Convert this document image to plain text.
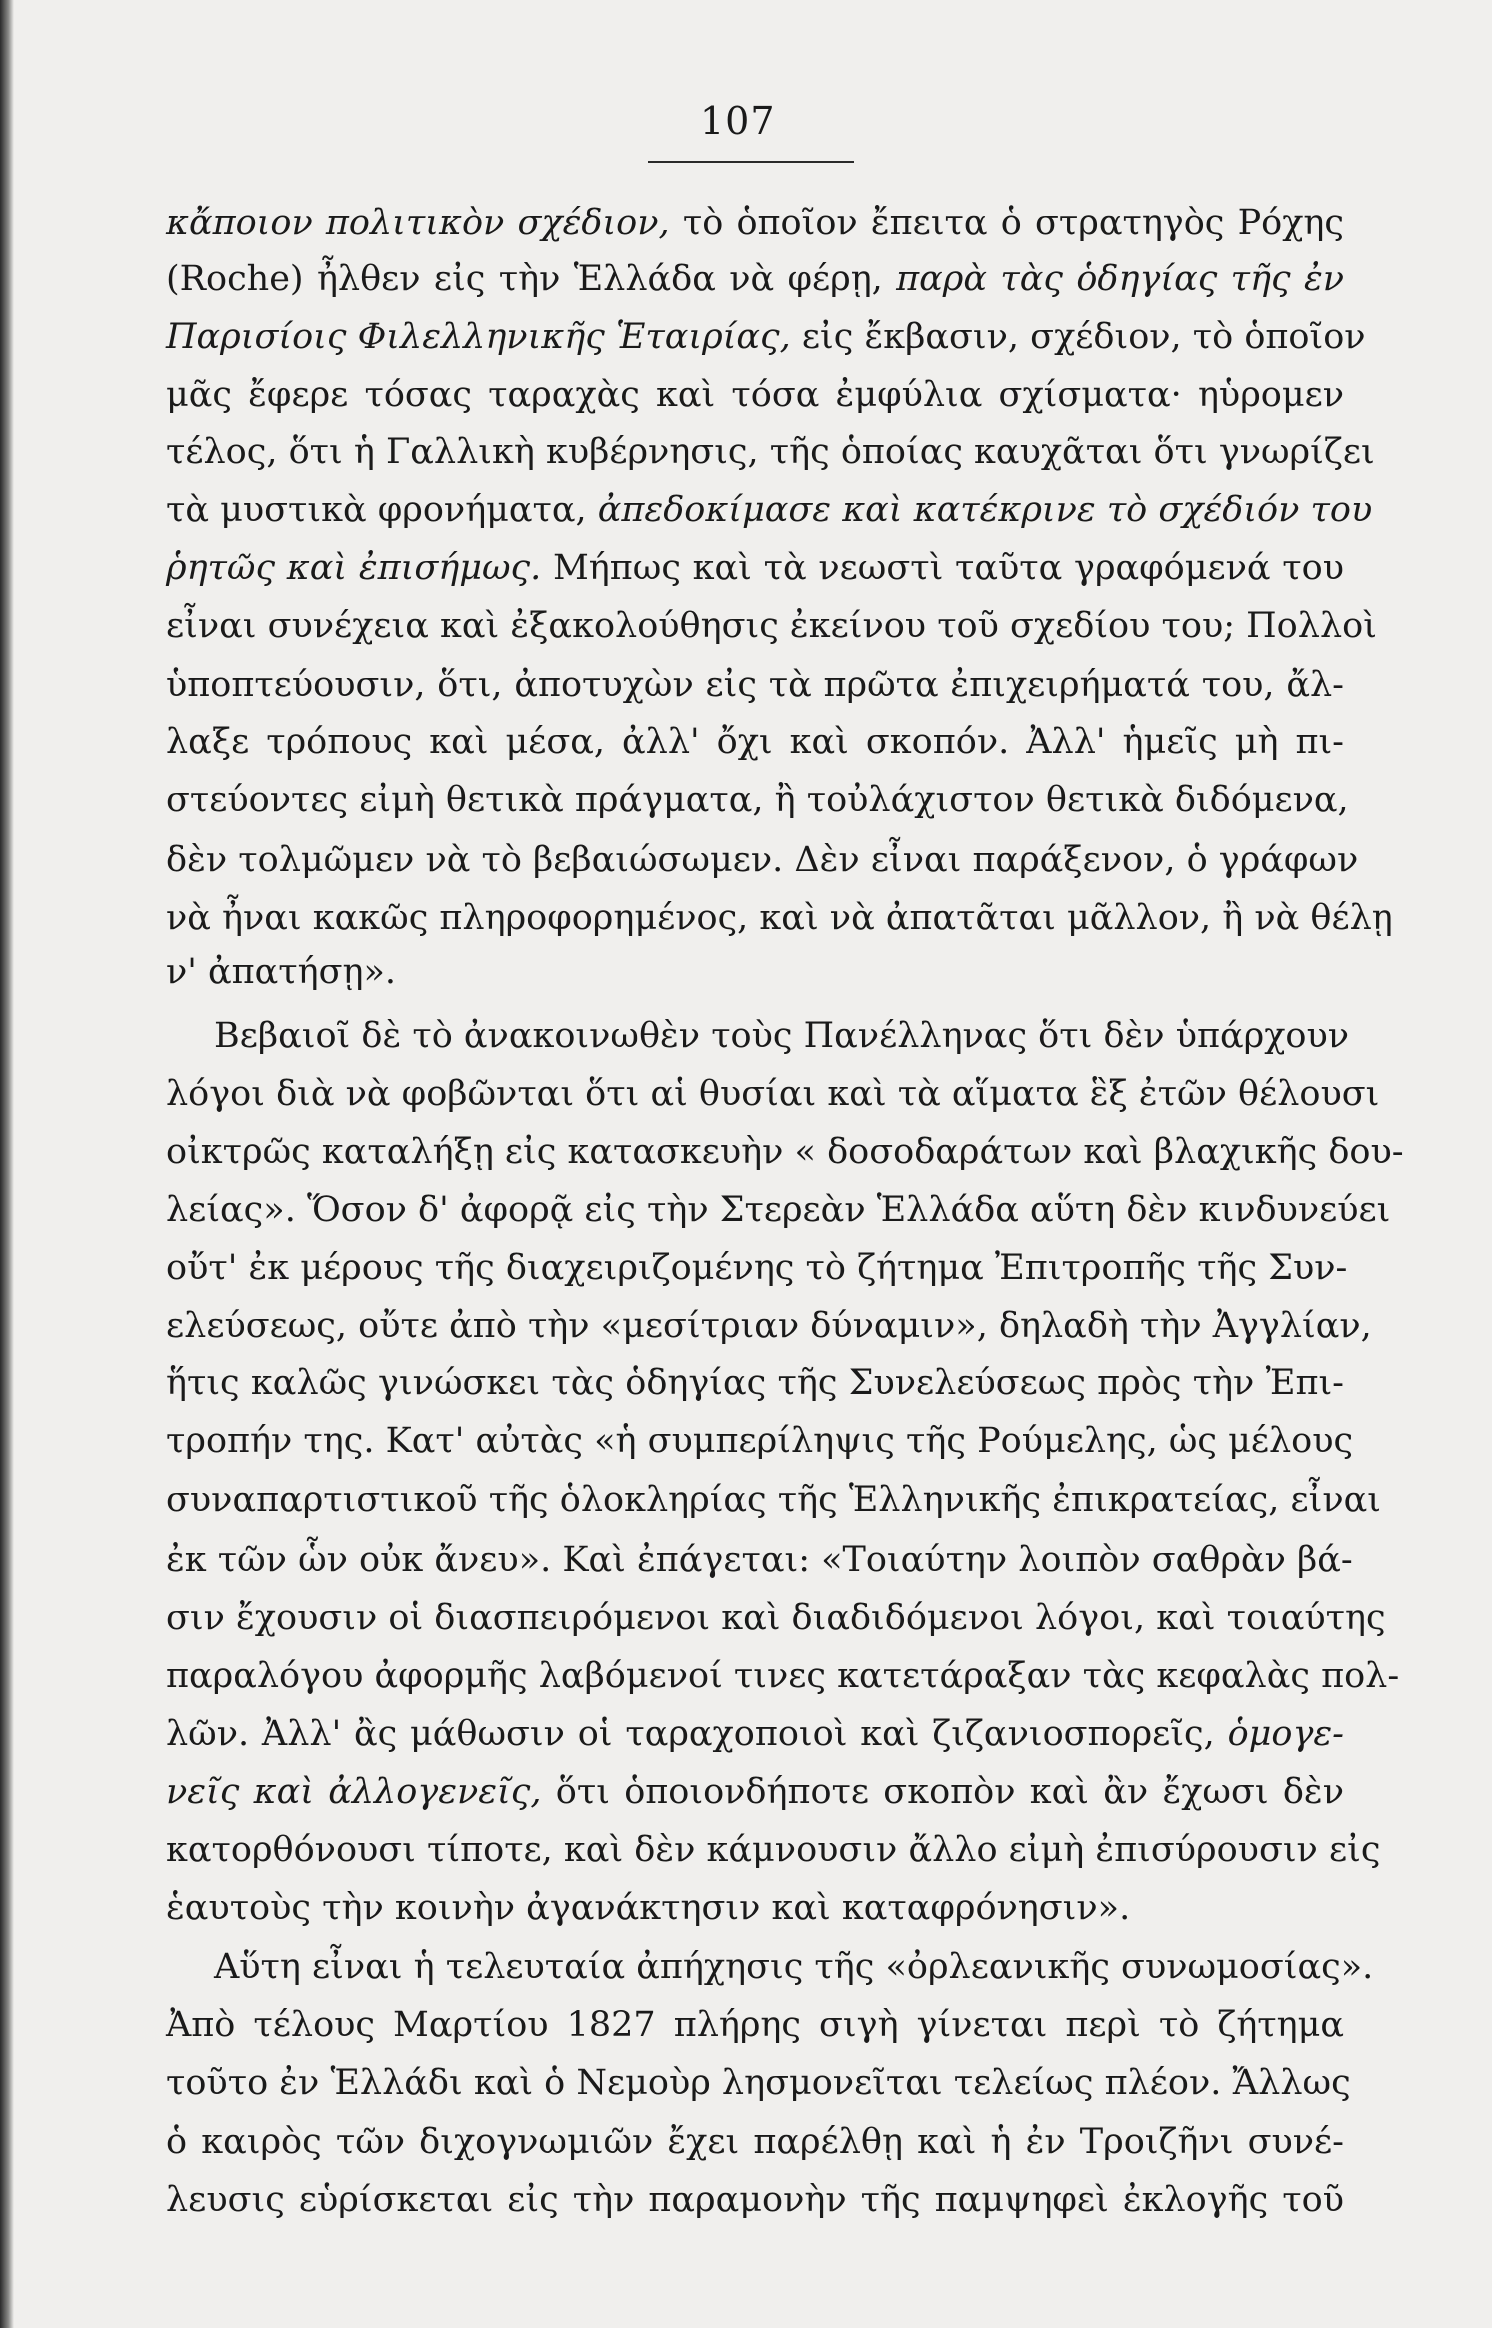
107
κἄποιον πολιτικὸν σχέδιον, τὸ ὁποῖον ἔπειτα ὁ στρατηγὸς Ρόχης
(Roche) ἦλθεν εἰς τὴν Ἑλλάδα νὰ φέρῃ, παρὰ τὰς ὁδηγίας τῆς ἐν
Παρισίοις Φιλελληνικῆς Ἑταιρίας, εἰς ἔκβασιν, σχέδιον, τὸ ὁποῖον
μᾶς ἔφερε τόσας ταραχὰς καὶ τόσα ἐμφύλια σχίσματα· ηὑρομεν
τέλος, ὅτι ἡ Γαλλικὴ κυβέρνησις, τῆς ὁποίας καυχᾶται ὅτι γνωρίζει
τὰ μυστικὰ φρονήματα, ἀπεδοκίμασε καὶ κατέκρινε τὸ σχέδιόν του
ῥητῶς καὶ ἐπισήμως. Μήπως καὶ τὰ νεωστὶ ταῦτα γραφόμενά του
εἶναι συνέχεια καὶ ἐξακολούθησις ἐκείνου τοῦ σχεδίου του; Πολλοὶ
ὑποπτεύουσιν, ὅτι, ἀποτυχὼν εἰς τὰ πρῶτα ἐπιχειρήματά του, ἄλ-
λαξε τρόπους καὶ μέσα, ἀλλ' ὄχι καὶ σκοπόν. Ἀλλ' ἡμεῖς μὴ πι-
στεύοντες εἰμὴ θετικὰ πράγματα, ἢ τοὐλάχιστον θετικὰ διδόμενα,
δὲν τολμῶμεν νὰ τὸ βεβαιώσωμεν. Δὲν εἶναι παράξενον, ὁ γράφων
νὰ ἦναι κακῶς πληροφορημένος, καὶ νὰ ἀπατᾶται μᾶλλον, ἢ νὰ θέλῃ
ν' ἀπατήσῃ».
Βεβαιοῖ δὲ τὸ ἀνακοινωθὲν τοὺς Πανέλληνας ὅτι δὲν ὑπάρχουν
λόγοι διὰ νὰ φοβῶνται ὅτι αἱ θυσίαι καὶ τὰ αἵματα ἓξ ἐτῶν θέλουσι
οἰκτρῶς καταλήξῃ εἰς κατασκευὴν « δοσοδαράτων καὶ βλαχικῆς δου-
λείας». Ὅσον δ' ἀφορᾷ εἰς τὴν Στερεὰν Ἑλλάδα αὕτη δὲν κινδυνεύει
οὔτ' ἐκ μέρους τῆς διαχειριζομένης τὸ ζήτημα Ἐπιτροπῆς τῆς Συν-
ελεύσεως, οὔτε ἀπὸ τὴν «μεσίτριαν δύναμιν», δηλαδὴ τὴν Ἀγγλίαν,
ἥτις καλῶς γινώσκει τὰς ὁδηγίας τῆς Συνελεύσεως πρὸς τὴν Ἐπι-
τροπήν της. Κατ' αὐτὰς «ἡ συμπερίληψις τῆς Ρούμελης, ὡς μέλους
συναπαρτιστικοῦ τῆς ὁλοκληρίας τῆς Ἑλληνικῆς ἐπικρατείας, εἶναι
ἐκ τῶν ὧν οὐκ ἄνευ». Καὶ ἐπάγεται: «Τοιαύτην λοιπὸν σαθρὰν βά-
σιν ἔχουσιν οἱ διασπειρόμενοι καὶ διαδιδόμενοι λόγοι, καὶ τοιαύτης
παραλόγου ἀφορμῆς λαβόμενοί τινες κατετάραξαν τὰς κεφαλὰς πολ-
λῶν. Ἀλλ' ἂς μάθωσιν οἱ ταραχοποιοὶ καὶ ζιζανιοσπορεῖς, ὁμογε-
νεῖς καὶ ἀλλογενεῖς, ὅτι ὁποιονδήποτε σκοπὸν καὶ ἂν ἔχωσι δὲν
κατορθόνουσι τίποτε, καὶ δὲν κάμνουσιν ἄλλο εἰμὴ ἐπισύρουσιν εἰς
ἑαυτοὺς τὴν κοινὴν ἀγανάκτησιν καὶ καταφρόνησιν».
Αὕτη εἶναι ἡ τελευταία ἀπήχησις τῆς «ὀρλεανικῆς συνωμοσίας».
Ἀπὸ τέλους Μαρτίου 1827 πλήρης σιγὴ γίνεται περὶ τὸ ζήτημα
τοῦτο ἐν Ἑλλάδι καὶ ὁ Νεμοὺρ λησμονεῖται τελείως πλέον. Ἄλλως
ὁ καιρὸς τῶν διχογνωμιῶν ἔχει παρέλθῃ καὶ ἡ ἐν Τροιζῆνι συνέ-
λευσις εὑρίσκεται εἰς τὴν παραμονὴν τῆς παμψηφεὶ ἐκλογῆς τοῦ
